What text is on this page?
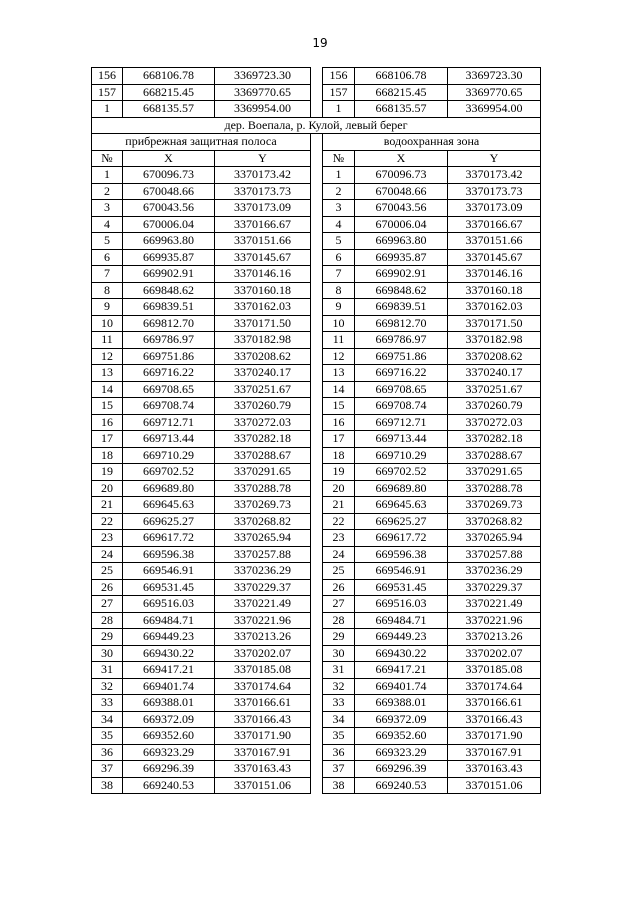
19
156	668106.78	3369723.30		156	668106.78	3369723.30
157	668215.45	3369770.65		157	668215.45	3369770.65
1	668135.57	3369954.00		1	668135.57	3369954.00
дер. Воепала, р. Кулой, левый берег						
прибрежная защитная полоса				водоохранная зона		
№	X	Y		№	X	Y
1	670096.73	3370173.42		1	670096.73	3370173.42
2	670048.66	3370173.73		2	670048.66	3370173.73
3	670043.56	3370173.09		3	670043.56	3370173.09
4	670006.04	3370166.67		4	670006.04	3370166.67
5	669963.80	3370151.66		5	669963.80	3370151.66
6	669935.87	3370145.67		6	669935.87	3370145.67
7	669902.91	3370146.16		7	669902.91	3370146.16
8	669848.62	3370160.18		8	669848.62	3370160.18
9	669839.51	3370162.03		9	669839.51	3370162.03
10	669812.70	3370171.50		10	669812.70	3370171.50
11	669786.97	3370182.98		11	669786.97	3370182.98
12	669751.86	3370208.62		12	669751.86	3370208.62
13	669716.22	3370240.17		13	669716.22	3370240.17
14	669708.65	3370251.67		14	669708.65	3370251.67
15	669708.74	3370260.79		15	669708.74	3370260.79
16	669712.71	3370272.03		16	669712.71	3370272.03
17	669713.44	3370282.18		17	669713.44	3370282.18
18	669710.29	3370288.67		18	669710.29	3370288.67
19	669702.52	3370291.65		19	669702.52	3370291.65
20	669689.80	3370288.78		20	669689.80	3370288.78
21	669645.63	3370269.73		21	669645.63	3370269.73
22	669625.27	3370268.82		22	669625.27	3370268.82
23	669617.72	3370265.94		23	669617.72	3370265.94
24	669596.38	3370257.88		24	669596.38	3370257.88
25	669546.91	3370236.29		25	669546.91	3370236.29
26	669531.45	3370229.37		26	669531.45	3370229.37
27	669516.03	3370221.49		27	669516.03	3370221.49
28	669484.71	3370221.96		28	669484.71	3370221.96
29	669449.23	3370213.26		29	669449.23	3370213.26
30	669430.22	3370202.07		30	669430.22	3370202.07
31	669417.21	3370185.08		31	669417.21	3370185.08
32	669401.74	3370174.64		32	669401.74	3370174.64
33	669388.01	3370166.61		33	669388.01	3370166.61
34	669372.09	3370166.43		34	669372.09	3370166.43
35	669352.60	3370171.90		35	669352.60	3370171.90
36	669323.29	3370167.91		36	669323.29	3370167.91
37	669296.39	3370163.43		37	669296.39	3370163.43
38	669240.53	3370151.06		38	669240.53	3370151.06
